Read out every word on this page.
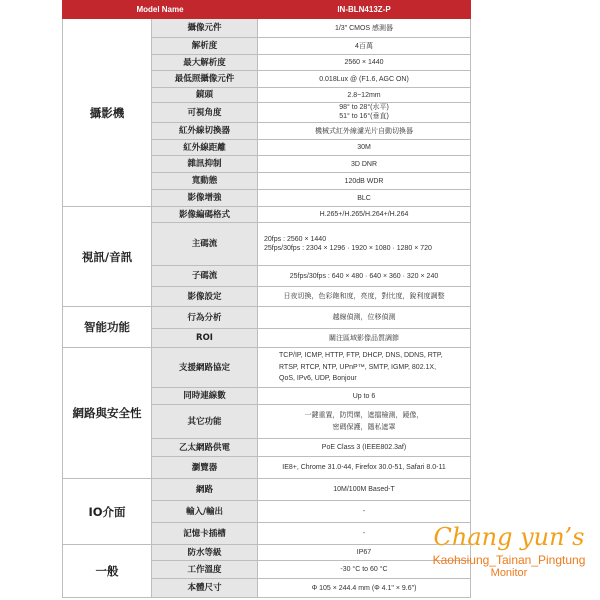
Model Name		IN-BLN413Z-P
攝影機	攝像元件	1/3" CMOS 感測器
	解析度	4百萬
	最大解析度	2560 × 1440
	最低照攝像元件	0.018Lux @ (F1.6, AGC ON)
	鏡頭	2.8~12mm
	可視角度	98° to 28°(水平)
51° to 16°(垂直)

	紅外線切換器	機械式紅外線濾光片自動切換器
	紅外線距離	30M
	雜訊抑制	3D DNR
	寬動態	120dB WDR
	影像增強	BLC
視訊/音訊	影像編碼格式	H.265+/H.265/H.264+/H.264
	主碼流	20fps : 2560 × 1440
25fps/30fps : 2304 × 1296 · 1920 × 1080 · 1280 × 720

	子碼流	25fps/30fps : 640 × 480 · 640 × 360 · 320 × 240
	影像設定	日夜切換，色彩飽和度，亮度，對比度，銳利度調整
智能功能	行為分析	越線偵測，位移偵測
	ROI	關注區域影像品質調節
網路與安全性	支援網路協定	TCP/IP, ICMP, HTTP, FTP, DHCP, DNS, DDNS, RTP,
RTSP, RTCP, NTP, UPnP™, SMTP, IGMP, 802.1X,
QoS, IPv6, UDP, Bonjour

	同時連線數	Up to 6
	其它功能	一鍵重置，防閃爍，遮擋檢測，鏡像，
密碼保護，隱私遮罩

	乙太網路供電	PoE Class 3 (IEEE802.3af)
	瀏覽器	IE8+, Chrome 31.0-44, Firefox 30.0-51, Safari 8.0-11
IO介面	網路	10M/100M Based-T
	輸入/輸出	-
	記憶卡插槽	-
一般	防水等級	IP67
	工作溫度	-30 °C to 60 °C
	本體尺寸	Φ 105 × 244.4 mm (Φ 4.1" × 9.6")
Chang yun’s
Kaohsiung_Tainan_Pingtung
Monitor
